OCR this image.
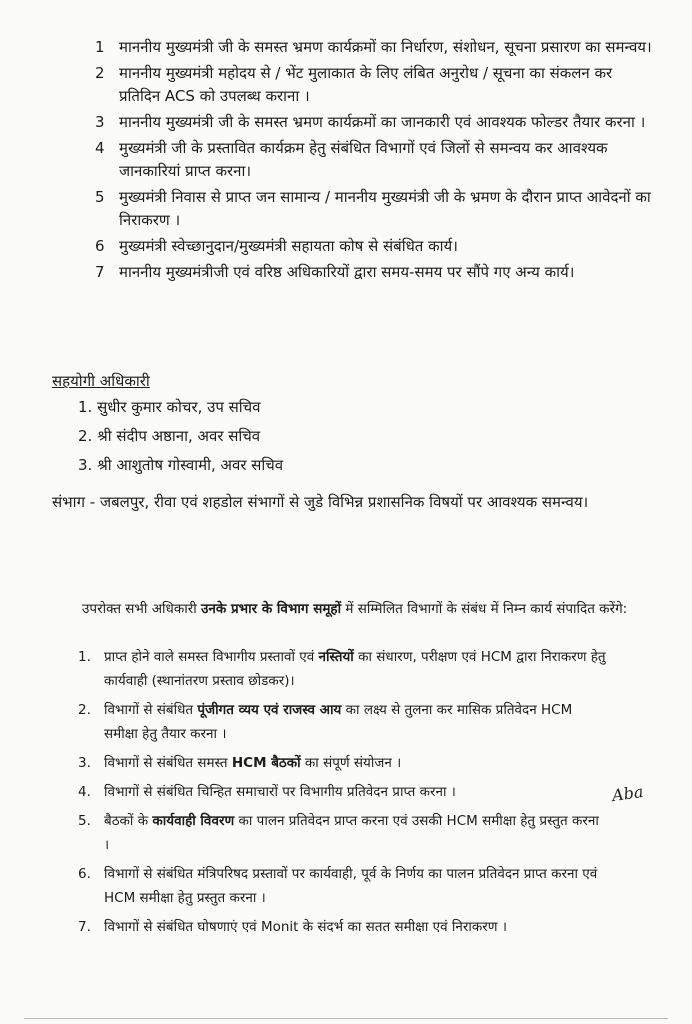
1 माननीय मुख्यमंत्री जी के समस्त भ्रमण कार्यक्रमों का निर्धारण, संशोधन, सूचना प्रसारण का समन्वय।
2 माननीय मुख्यमंत्री महोदय से / भेंट मुलाकात के लिए लंबित अनुरोध / सूचना का संकलन कर प्रतिदिन ACS को उपलब्ध कराना ।
3 माननीय मुख्यमंत्री जी के समस्त भ्रमण कार्यक्रमों का जानकारी एवं आवश्यक फोल्डर तैयार करना ।
4 मुख्यमंत्री जी के प्रस्तावित कार्यक्रम हेतु संबंधित विभागों एवं जिलों से समन्वय कर आवश्यक जानकारियां प्राप्त करना।
5 मुख्यमंत्री निवास से प्राप्त जन सामान्य / माननीय मुख्यमंत्री जी के भ्रमण के दौरान प्राप्त आवेदनों का निराकरण ।
6 मुख्यमंत्री स्वेच्छानुदान/मुख्यमंत्री सहायता कोष से संबंधित कार्य।
7 माननीय मुख्यमंत्रीजी एवं वरिष्ठ अधिकारियों द्वारा समय-समय पर सौंपे गए अन्य कार्य।
सहयोगी अधिकारी
1. सुधीर कुमार कोचर, उप सचिव
2. श्री संदीप अष्ठाना, अवर सचिव
3. श्री आशुतोष गोस्वामी, अवर सचिव
संभाग - जबलपुर, रीवा एवं शहडोल संभागों से जुडे विभिन्न प्रशासनिक विषयों पर आवश्यक समन्वय।
उपरोक्त सभी अधिकारी उनके प्रभार के विभाग समूहों में सम्मिलित विभागों के संबंध में निम्न कार्य संपादित करेंगे:
1. प्राप्त होने वाले समस्त विभागीय प्रस्तावों एवं नस्तियों का संधारण, परीक्षण एवं HCM द्वारा निराकरण हेतु कार्यवाही (स्थानांतरण प्रस्ताव छोडकर)।
2. विभागों से संबंधित पूंजीगत व्यय एवं राजस्व आय का लक्ष्य से तुलना कर मासिक प्रतिवेदन HCM समीक्षा हेतु तैयार करना ।
3. विभागों से संबंधित समस्त HCM बैठकों का संपूर्ण संयोजन ।
4. विभागों से संबंधित चिन्हित समाचारों पर विभागीय प्रतिवेदन प्राप्त करना ।
5. बैठकों के कार्यवाही विवरण का पालन प्रतिवेदन प्राप्त करना एवं उसकी HCM समीक्षा हेतु प्रस्तुत करना ।
6. विभागों से संबंधित मंत्रिपरिषद प्रस्तावों पर कार्यवाही, पूर्व के निर्णय का पालन प्रतिवेदन प्राप्त करना एवं HCM समीक्षा हेतु प्रस्तुत करना ।
7. विभागों से संबंधित घोषणाएं एवं Monit के संदर्भ का सतत समीक्षा एवं निराकरण ।
Aba
